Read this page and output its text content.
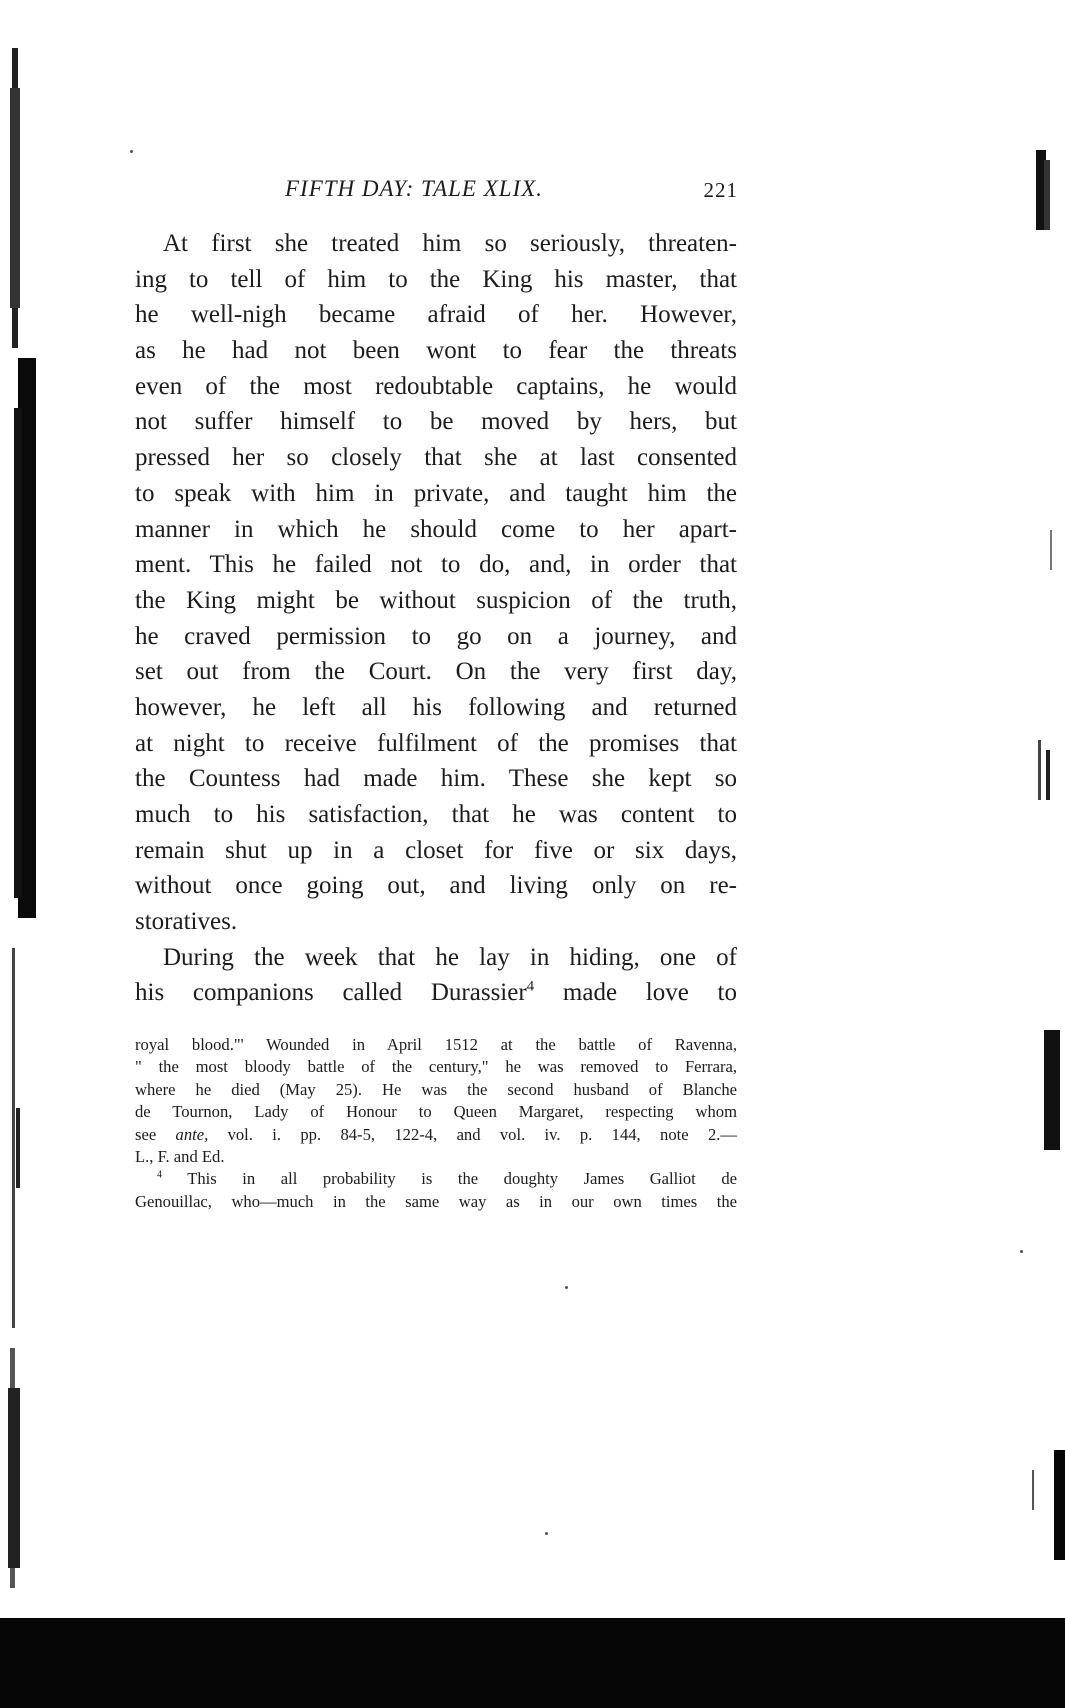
FIFTH DAY: TALE XLIX.	221
At first she treated him so seriously, threaten-
ing to tell of him to the King his master, that
he well-nigh became afraid of her. However,
as he had not been wont to fear the threats
even of the most redoubtable captains, he would
not suffer himself to be moved by hers, but
pressed her so closely that she at last consented
to speak with him in private, and taught him the
manner in which he should come to her apart-
ment. This he failed not to do, and, in order that
the King might be without suspicion of the truth,
he craved permission to go on a journey, and
set out from the Court. On the very first day,
however, he left all his following and returned
at night to receive fulfilment of the promises that
the Countess had made him. These she kept so
much to his satisfaction, that he was content to
remain shut up in a closet for five or six days,
without once going out, and living only on re-
storatives.
During the week that he lay in hiding, one of
his companions called Durassier$^4$ made love to
royal blood."' Wounded in April 1512 at the battle of Ravenna,
" the most bloody battle of the century," he was removed to Ferrara,
where he died (May 25). He was the second husband of Blanche
de Tournon, Lady of Honour to Queen Margaret, respecting whom
see ante, vol. i. pp. 84-5, 122-4, and vol. iv. p. 144, note 2.—
L., F. and Ed.
$^4$ This in all probability is the doughty James Galliot de
Genouillac, who—much in the same way as in our own times the
